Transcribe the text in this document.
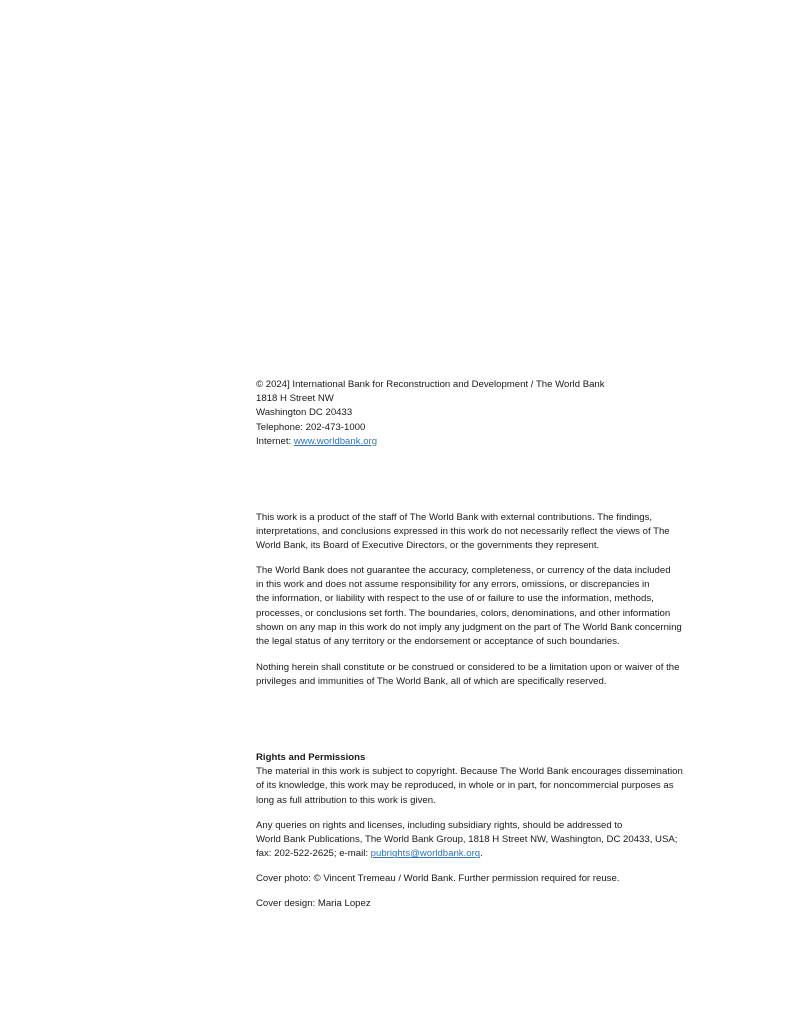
© 2024] International Bank for Reconstruction and Development / The World Bank
1818 H Street NW
Washington DC 20433
Telephone: 202-473-1000
Internet: www.worldbank.org
This work is a product of the staff of The World Bank with external contributions. The findings,
interpretations, and conclusions expressed in this work do not necessarily reflect the views of The
World Bank, its Board of Executive Directors, or the governments they represent.
The World Bank does not guarantee the accuracy, completeness, or currency of the data included
in this work and does not assume responsibility for any errors, omissions, or discrepancies in
the information, or liability with respect to the use of or failure to use the information, methods,
processes, or conclusions set forth. The boundaries, colors, denominations, and other information
shown on any map in this work do not imply any judgment on the part of The World Bank concerning
the legal status of any territory or the endorsement or acceptance of such boundaries.
Nothing herein shall constitute or be construed or considered to be a limitation upon or waiver of the
privileges and immunities of The World Bank, all of which are specifically reserved.
Rights and Permissions
The material in this work is subject to copyright. Because The World Bank encourages dissemination
of its knowledge, this work may be reproduced, in whole or in part, for noncommercial purposes as
long as full attribution to this work is given.
Any queries on rights and licenses, including subsidiary rights, should be addressed to
World Bank Publications, The World Bank Group, 1818 H Street NW, Washington, DC 20433, USA;
fax: 202-522-2625; e-mail: pubrights@worldbank.org.
Cover photo: © Vincent Tremeau / World Bank. Further permission required for reuse.
Cover design: Maria Lopez
